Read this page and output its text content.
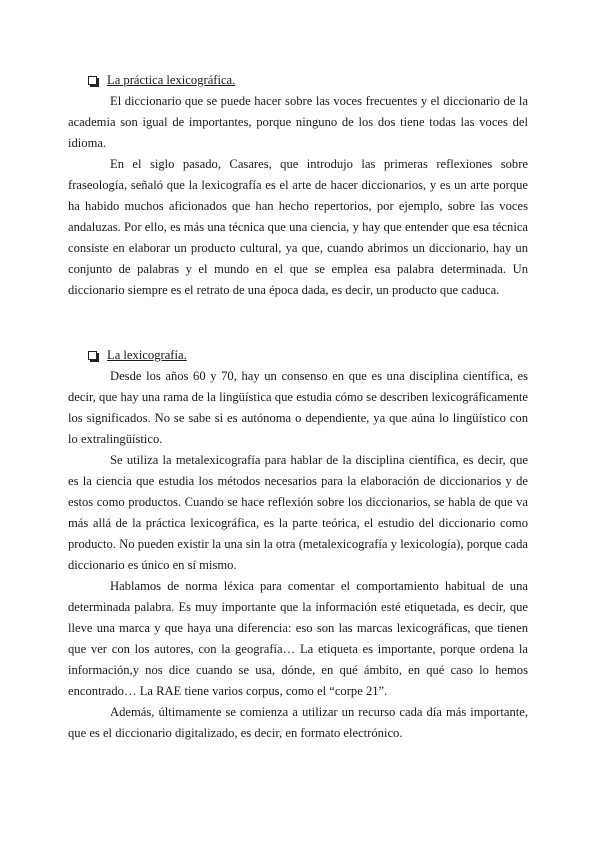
La práctica lexicográfica.

El diccionario que se puede hacer sobre las voces frecuentes y el diccionario de la academia son igual de importantes, porque ninguno de los dos tiene todas las voces del idioma.

En el siglo pasado, Casares, que introdujo las primeras reflexiones sobre fraseología, señaló que la lexicografía es el arte de hacer diccionarios, y es un arte porque ha habido muchos aficionados que han hecho repertorios, por ejemplo, sobre las voces andaluzas. Por ello, es más una técnica que una ciencia, y hay que entender que esa técnica consiste en elaborar un producto cultural, ya que, cuando abrimos un diccionario, hay un conjunto de palabras y el mundo en el que se emplea esa palabra determinada. Un diccionario siempre es el retrato de una época dada, es decir, un producto que caduca.

La lexicografía.

Desde los años 60 y 70, hay un consenso en que es una disciplina científica, es decir, que hay una rama de la lingüística que estudia cómo se describen lexicográficamente los significados. No se sabe si es autónoma o dependiente, ya que aúna lo lingüístico con lo extralingüístico.

Se utiliza la metalexicografía para hablar de la disciplina científica, es decir, que es la ciencia que estudia los métodos necesarios para la elaboración de diccionarios y de estos como productos. Cuando se hace reflexión sobre los diccionarios, se habla de que va más allá de la práctica lexicográfica, es la parte teórica, el estudio del diccionario como producto. No pueden existir la una sin la otra (metalexicografía y lexicología), porque cada diccionario es único en sí mismo.

Hablamos de norma léxica para comentar el comportamiento habitual de una determinada palabra. Es muy importante que la información esté etiquetada, es decir, que lleve una marca y que haya una diferencia: eso son las marcas lexicográficas, que tienen que ver con los autores, con la geografía… La etiqueta es importante, porque ordena la información,y nos dice cuando se usa, dónde, en qué ámbito, en qué caso lo hemos encontrado… La RAE tiene varios corpus, como el “corpe 21”.

Además, últimamente se comienza a utilizar un recurso cada día más importante, que es el diccionario digitalizado, es decir, en formato electrónico.
